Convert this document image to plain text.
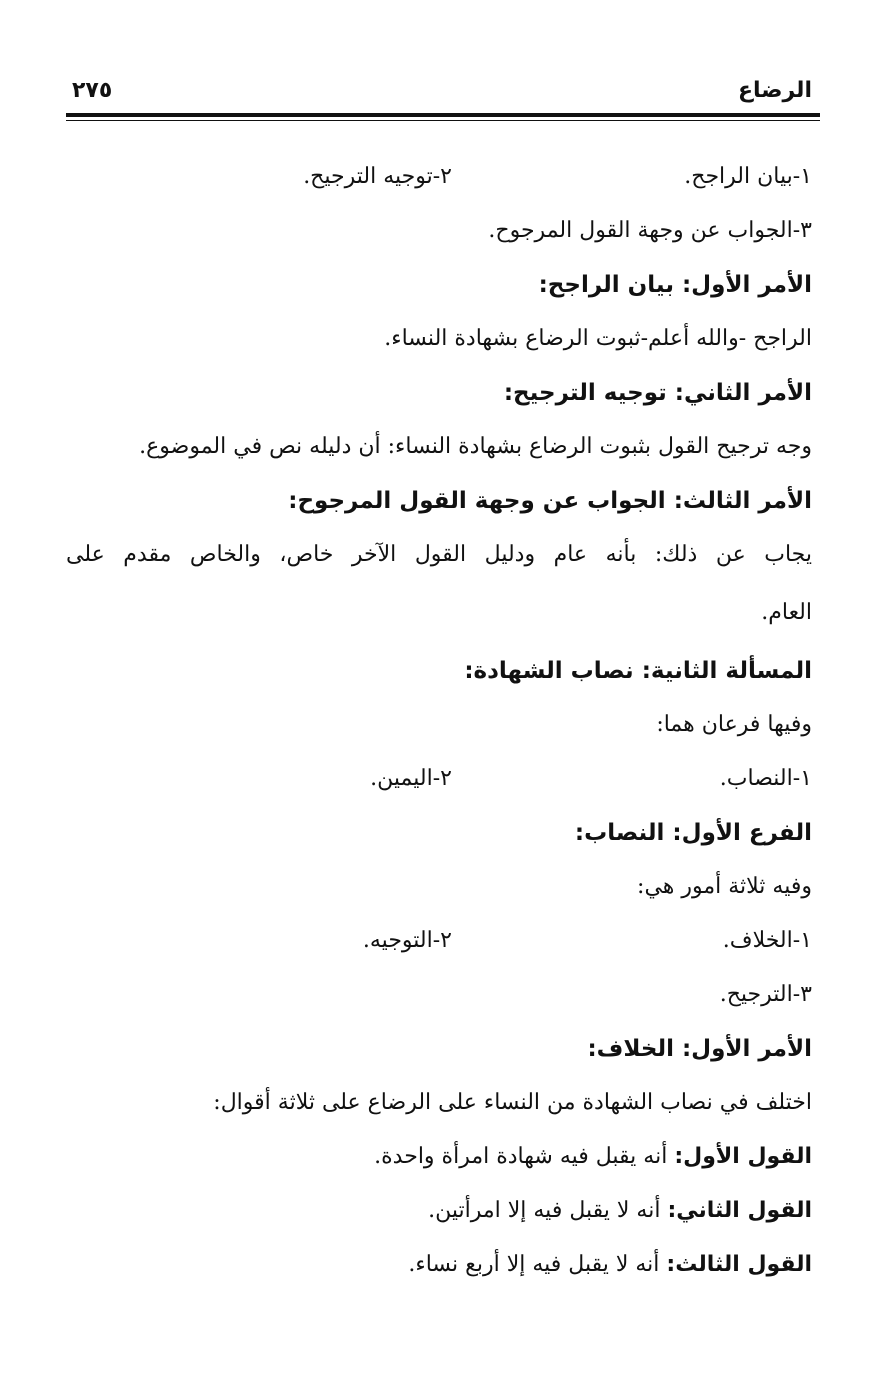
الرضاع
٢٧٥
١-بيان الراجح.
٢-توجيه الترجيح.
٣-الجواب عن وجهة القول المرجوح.
الأمر الأول: بيان الراجح:
الراجح -والله أعلم-ثبوت الرضاع بشهادة النساء.
الأمر الثاني: توجيه الترجيح:
وجه ترجيح القول بثبوت الرضاع بشهادة النساء: أن دليله نص في الموضوع.
الأمر الثالث: الجواب عن وجهة القول المرجوح:
يجاب عن ذلك: بأنه عام ودليل القول الآخر خاص، والخاص مقدم على
العام.
المسألة الثانية: نصاب الشهادة:
وفيها فرعان هما:
١-النصاب.
٢-اليمين.
الفرع الأول: النصاب:
وفيه ثلاثة أمور هي:
١-الخلاف.
٢-التوجيه.
٣-الترجيح.
الأمر الأول: الخلاف:
اختلف في نصاب الشهادة من النساء على الرضاع على ثلاثة أقوال:
القول الأول: أنه يقبل فيه شهادة امرأة واحدة.
القول الثاني: أنه لا يقبل فيه إلا امرأتين.
القول الثالث: أنه لا يقبل فيه إلا أربع نساء.
